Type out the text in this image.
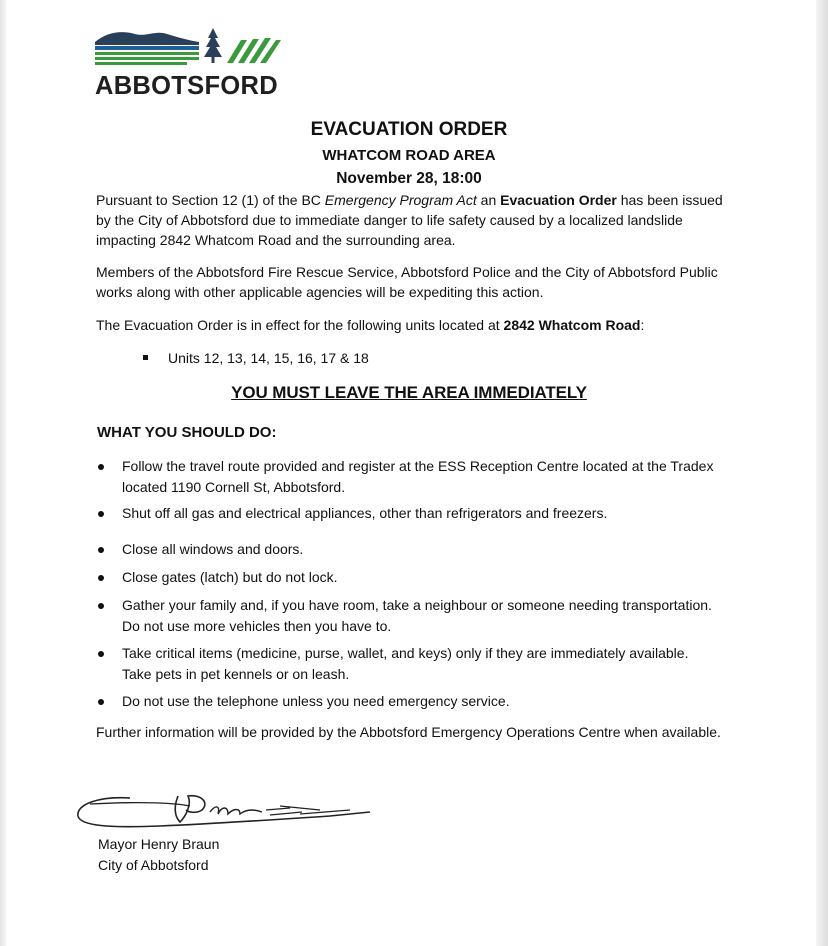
ABBOTSFORD
EVACUATION ORDER
WHATCOM ROAD AREA
November 28, 18:00
Pursuant to Section 12 (1) of the BC Emergency Program Act an Evacuation Order has been issued by the City of Abbotsford due to immediate danger to life safety caused by a localized landslide impacting 2842 Whatcom Road and the surrounding area.
Members of the Abbotsford Fire Rescue Service, Abbotsford Police and the City of Abbotsford Public works along with other applicable agencies will be expediting this action.
The Evacuation Order is in effect for the following units located at 2842 Whatcom Road:
Units 12, 13, 14, 15, 16, 17 & 18
YOU MUST LEAVE THE AREA IMMEDIATELY
WHAT YOU SHOULD DO:
Follow the travel route provided and register at the ESS Reception Centre located at the Tradex located 1190 Cornell St, Abbotsford.
Shut off all gas and electrical appliances, other than refrigerators and freezers.
Close all windows and doors.
Close gates (latch) but do not lock.
Gather your family and, if you have room, take a neighbour or someone needing transportation. Do not use more vehicles then you have to.
Take critical items (medicine, purse, wallet, and keys) only if they are immediately available. Take pets in pet kennels or on leash.
Do not use the telephone unless you need emergency service.
Further information will be provided by the Abbotsford Emergency Operations Centre when available.
Mayor Henry Braun
City of Abbotsford
